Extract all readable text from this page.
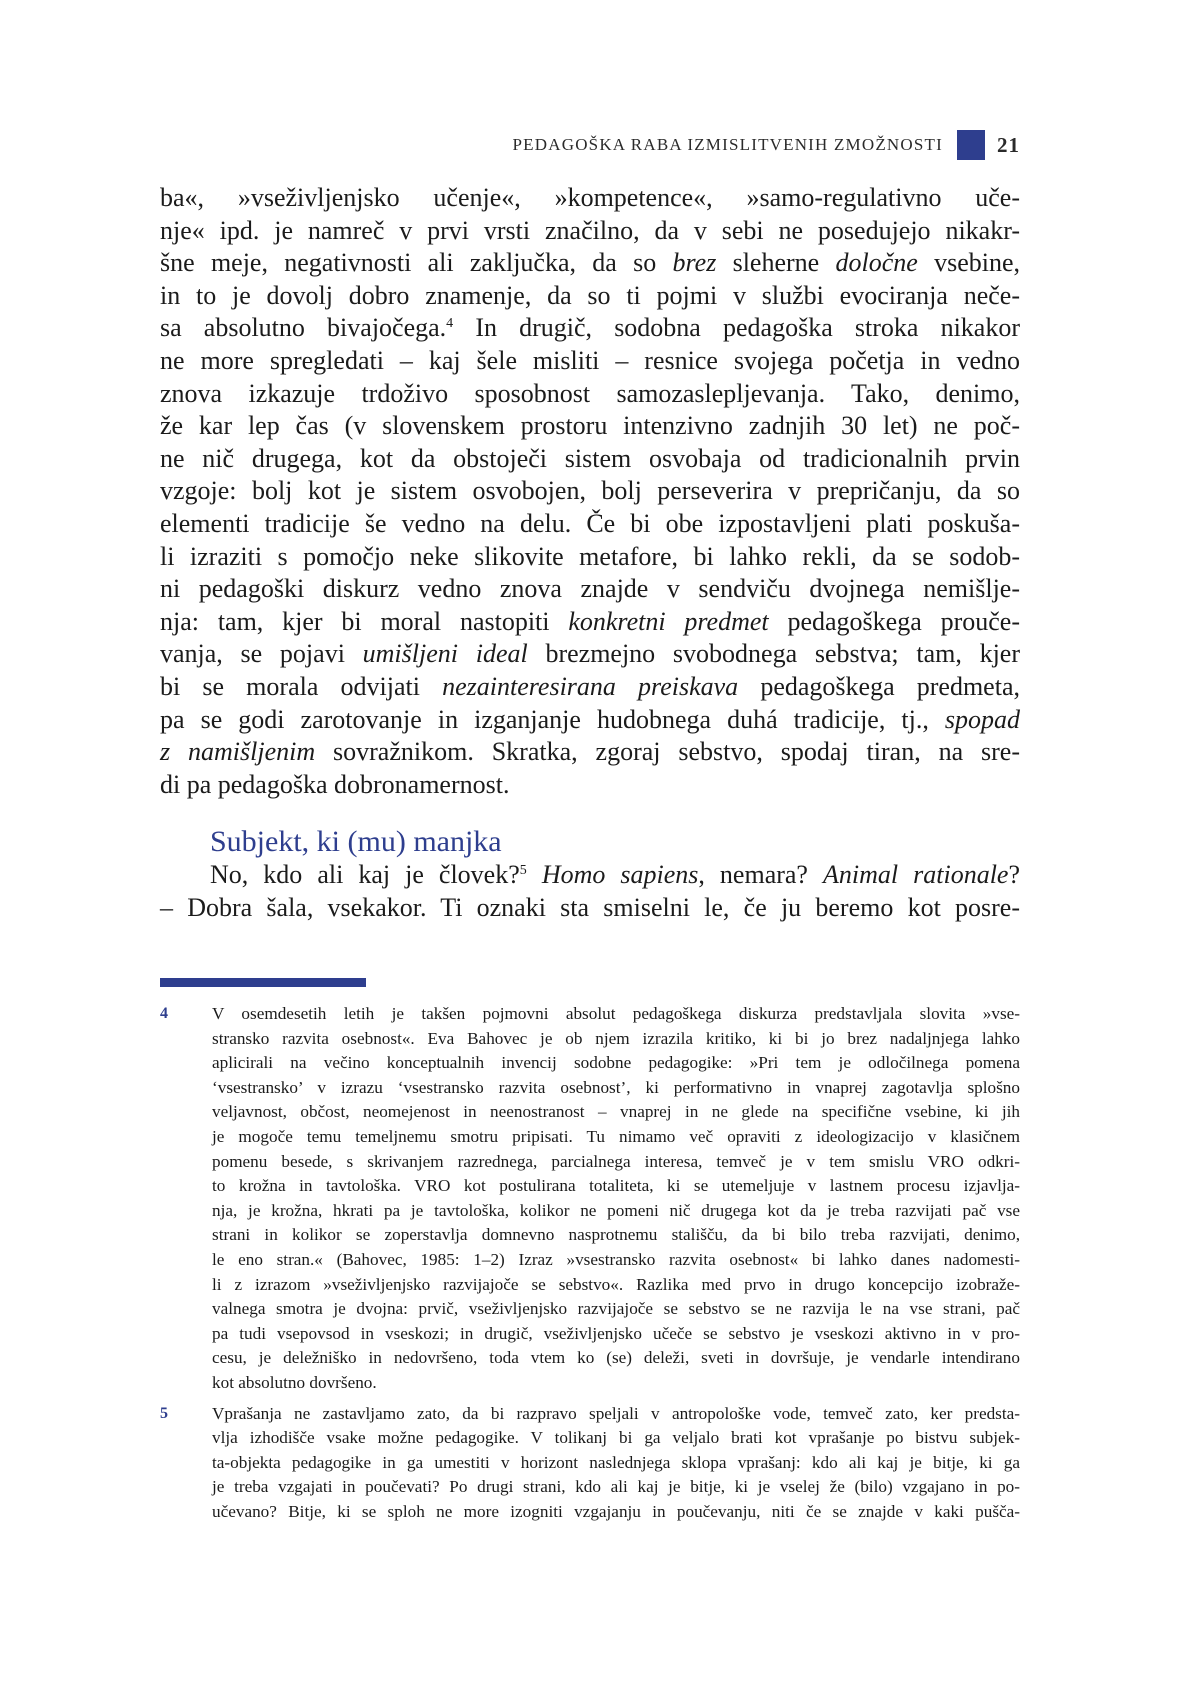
PEDAGOŠKA RABA IZMISLITVENIH ZMOŽNOSTI	21

ba«, »vseživljenjsko učenje«, »kompetence«, »samo-regulativno uče-
nje« ipd. je namreč v prvi vrsti značilno, da v sebi ne posedujejo nikakr-
šne meje, negativnosti ali zaključka, da so brez sleherne določne vsebine,
in to je dovolj dobro znamenje, da so ti pojmi v službi evociranja neče-
sa absolutno bivajočega.$^4$ In drugič, sodobna pedagoška stroka nikakor
ne more spregledati – kaj šele misliti – resnice svojega početja in vedno
znova izkazuje trdoživo sposobnost samozaslepljevanja. Tako, denimo,
že kar lep čas (v slovenskem prostoru intenzivno zadnjih 30 let) ne poč-
ne nič drugega, kot da obstoječi sistem osvobaja od tradicionalnih prvin
vzgoje: bolj kot je sistem osvobojen, bolj perseverira v prepričanju, da so
elementi tradicije še vedno na delu. Če bi obe izpostavljeni plati poskuša-
li izraziti s pomočjo neke slikovite metafore, bi lahko rekli, da se sodob-
ni pedagoški diskurz vedno znova znajde v sendviču dvojnega nemišlje-
nja: tam, kjer bi moral nastopiti konkretni predmet pedagoškega prouče-
vanja, se pojavi umišljeni ideal brezmejno svobodnega sebstva; tam, kjer
bi se morala odvijati nezainteresirana preiskava pedagoškega predmeta,
pa se godi zarotovanje in izganjanje hudobnega duhá tradicije, tj., spopad
z namišljenim sovražnikom. Skratka, zgoraj sebstvo, spodaj tiran, na sre-
di pa pedagoška dobronamernost.

Subjekt, ki (mu) manjka

No, kdo ali kaj je človek?$^5$ Homo sapiens, nemara? Animal rationale?
– Dobra šala, vsekakor. Ti oznaki sta smiselni le, če ju beremo kot posre-

4	V osemdesetih letih je takšen pojmovni absolut pedagoškega diskurza predstavljala slovita »vse-
stransko razvita osebnost«. Eva Bahovec je ob njem izrazila kritiko, ki bi jo brez nadaljnjega lahko
aplicirali na večino konceptualnih invencij sodobne pedagogike: »Pri tem je odločilnega pomena
‘vsestransko’ v izrazu ‘vsestransko razvita osebnost’, ki performativno in vnaprej zagotavlja splošno
veljavnost, občost, neomejenost in neenostranost – vnaprej in ne glede na specifične vsebine, ki jih
je mogoče temu temeljnemu smotru pripisati. Tu nimamo več opraviti z ideologizacijo v klasičnem
pomenu besede, s skrivanjem razrednega, parcialnega interesa, temveč je v tem smislu VRO odkri-
to krožna in tavtološka. VRO kot postulirana totaliteta, ki se utemeljuje v lastnem procesu izjavlja-
nja, je krožna, hkrati pa je tavtološka, kolikor ne pomeni nič drugega kot da je treba razvijati pač vse
strani in kolikor se zoperstavlja domnevno nasprotnemu stališču, da bi bilo treba razvijati, denimo,
le eno stran.« (Bahovec, 1985: 1–2) Izraz »vsestransko razvita osebnost« bi lahko danes nadomesti-
li z izrazom »vseživljenjsko razvijajoče se sebstvo«. Razlika med prvo in drugo koncepcijo izobraže-
valnega smotra je dvojna: prvič, vseživljenjsko razvijajoče se sebstvo se ne razvija le na vse strani, pač
pa tudi vsepovsod in vseskozi; in drugič, vseživljenjsko učeče se sebstvo je vseskozi aktivno in v pro-
cesu, je deležniško in nedovršeno, toda vtem ko (se) deleži, sveti in dovršuje, je vendarle intendirano
kot absolutno dovršeno.
5	Vprašanja ne zastavljamo zato, da bi razpravo speljali v antropološke vode, temveč zato, ker predsta-
vlja izhodišče vsake možne pedagogike. V tolikanj bi ga veljalo brati kot vprašanje po bistvu subjek-
ta-objekta pedagogike in ga umestiti v horizont naslednjega sklopa vprašanj: kdo ali kaj je bitje, ki ga
je treba vzgajati in poučevati? Po drugi strani, kdo ali kaj je bitje, ki je vselej že (bilo) vzgajano in po-
učevano? Bitje, ki se sploh ne more izogniti vzgajanju in poučevanju, niti če se znajde v kaki pušča-
